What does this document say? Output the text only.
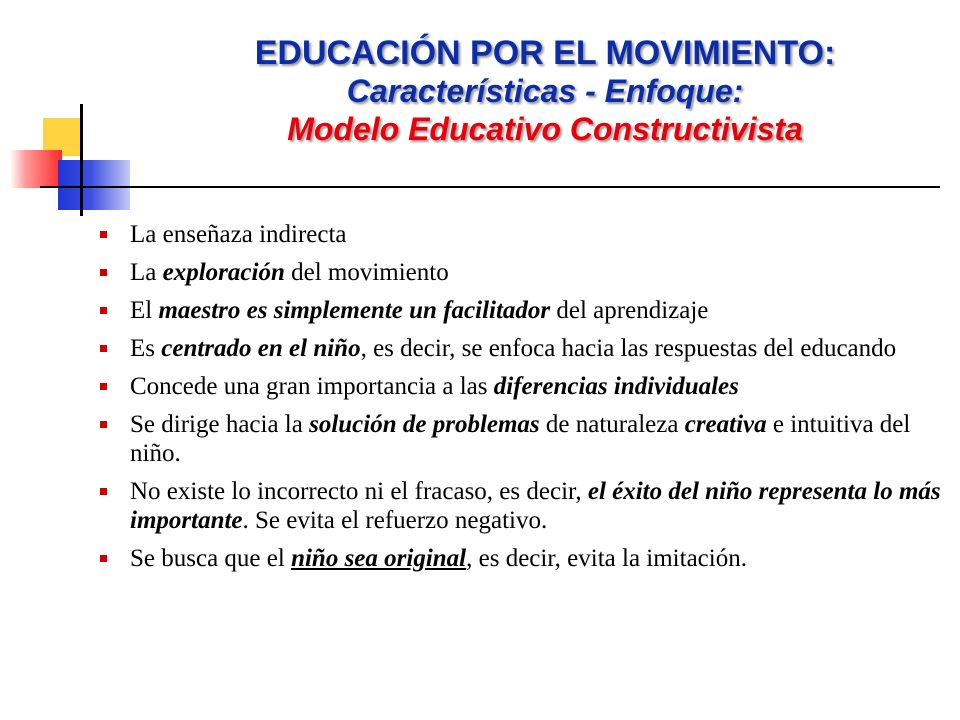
EDUCACIÓN POR EL MOVIMIENTO:
Características - Enfoque:
Modelo Educativo Constructivista
La enseñaza indirecta
La exploración del movimiento
El maestro es simplemente un facilitador del aprendizaje
Es centrado en el niño, es decir, se enfoca hacia las respuestas del educando
Concede una gran importancia a las diferencias individuales
Se dirige hacia la solución de problemas de naturaleza creativa e intuitiva del niño.
No existe lo incorrecto ni el fracaso, es decir, el éxito del niño representa lo más importante. Se evita el refuerzo negativo.
Se busca que el niño sea original, es decir, evita la imitación.
